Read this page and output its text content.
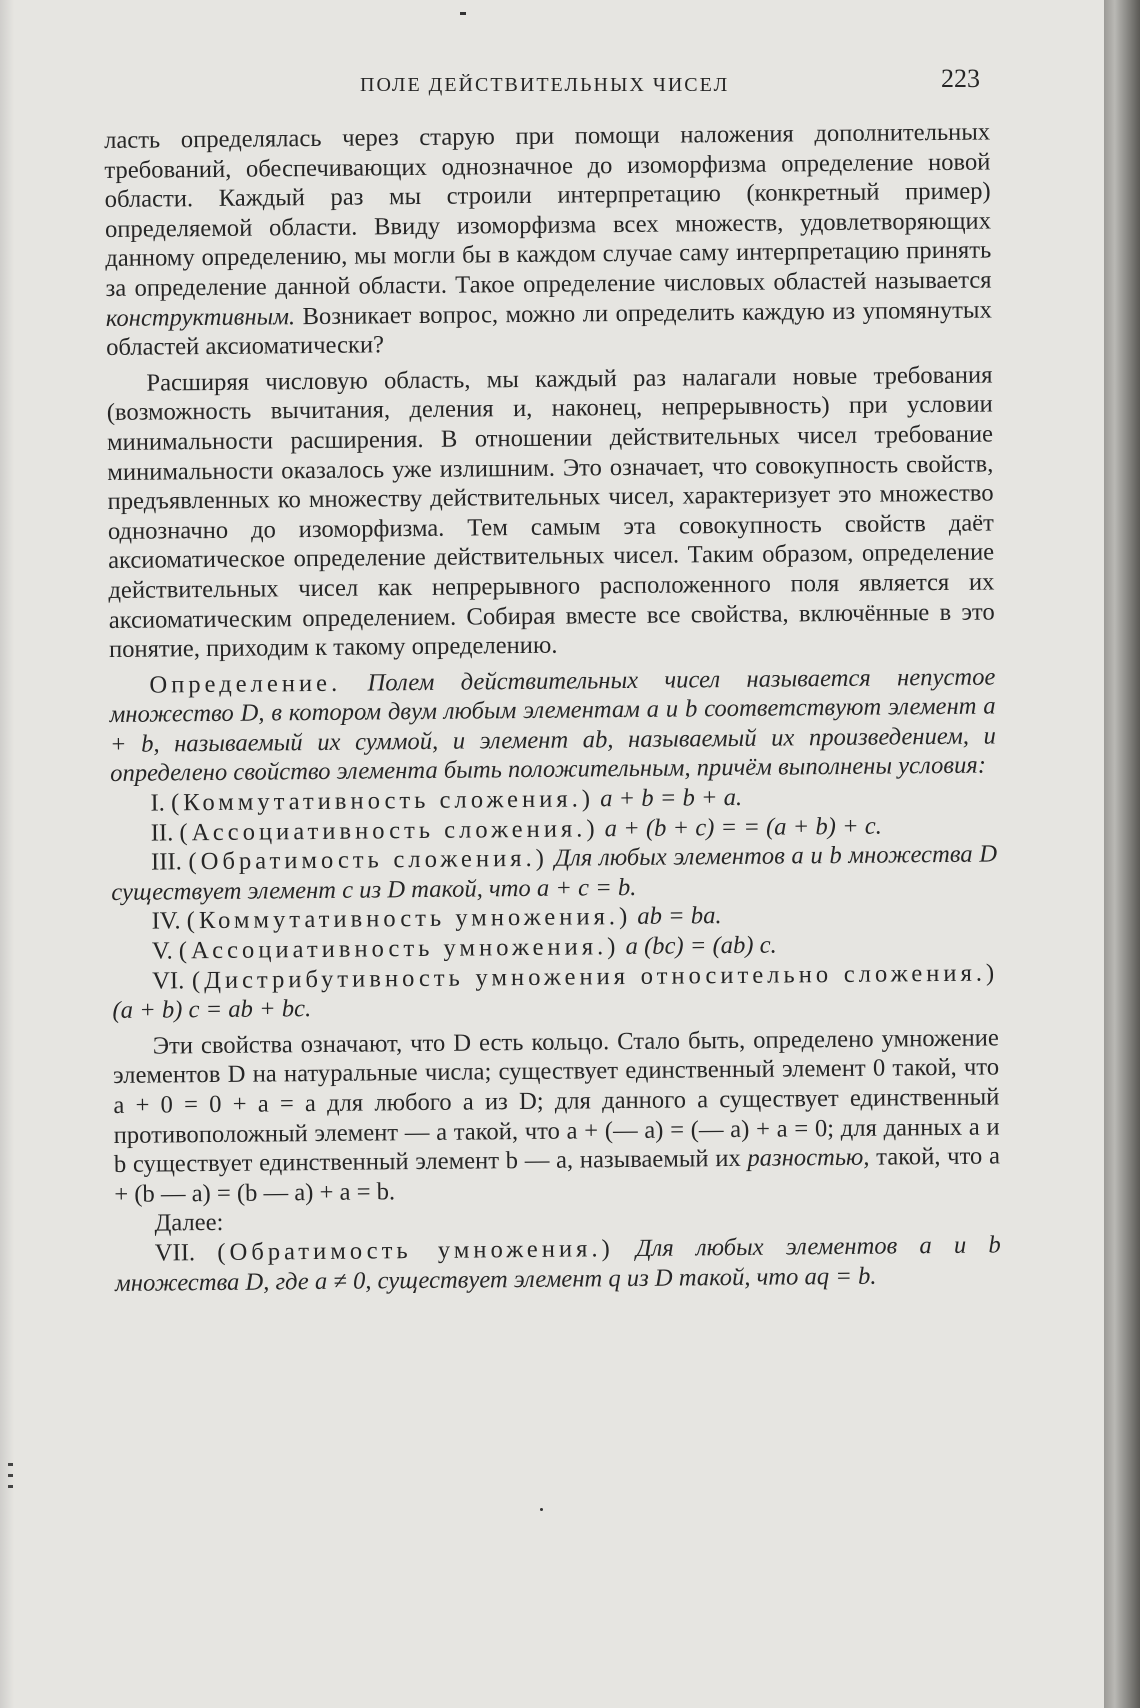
ПОЛЕ ДЕЙСТВИТЕЛЬНЫХ ЧИСЕЛ	223

ласть определялась через старую при помощи наложения дополнительных требований, обеспечивающих однозначное до изоморфизма определение новой области. Каждый раз мы строили интерпретацию (конкретный пример) определяемой области. Ввиду изоморфизма всех множеств, удовлетворяющих данному определению, мы могли бы в каждом случае саму интерпретацию принять за определение данной области. Такое определение числовых областей называется конструктивным. Возникает вопрос, можно ли определить каждую из упомянутых областей аксиоматически?

Расширяя числовую область, мы каждый раз налагали новые требования (возможность вычитания, деления и, наконец, непрерывность) при условии минимальности расширения. В отношении действительных чисел требование минимальности оказалось уже излишним. Это означает, что совокупность свойств, предъявленных ко множеству действительных чисел, характеризует это множество однозначно до изоморфизма. Тем самым эта совокупность свойств даёт аксиоматическое определение действительных чисел. Таким образом, определение действительных чисел как непрерывного расположенного поля является их аксиоматическим определением. Собирая вместе все свойства, включённые в это понятие, приходим к такому определению.

Определение. Полем действительных чисел называется непустое множество D, в котором двум любым элементам a и b соответствуют элемент a + b, называемый их суммой, и элемент ab, называемый их произведением, и определено свойство элемента быть положительным, причём выполнены условия:

I. (Коммутативность сложения.) a + b = b + a.

II. (Ассоциативность сложения.) a + (b + c) = = (a + b) + c.

III. (Обратимость сложения.) Для любых элементов a и b множества D существует элемент c из D такой, что a + c = b.

IV. (Коммутативность умножения.) ab = ba.

V. (Ассоциативность умножения.) a (bc) = (ab) c.

VI. (Дистрибутивность умножения относительно сложения.) (a + b) c = ab + bc.

Эти свойства означают, что D есть кольцо. Стало быть, определено умножение элементов D на натуральные числа; существует единственный элемент 0 такой, что a + 0 = 0 + a = a для любого a из D; для данного a существует единственный противоположный элемент — a такой, что a + (— a) = (— a) + a = 0; для данных a и b существует единственный элемент b — a, называемый их разностью, такой, что a + (b — a) = (b — a) + a = b.

Далее:

VII. (Обратимость умножения.) Для любых элементов a и b множества D, где a ≠ 0, существует элемент q из D такой, что aq = b.
